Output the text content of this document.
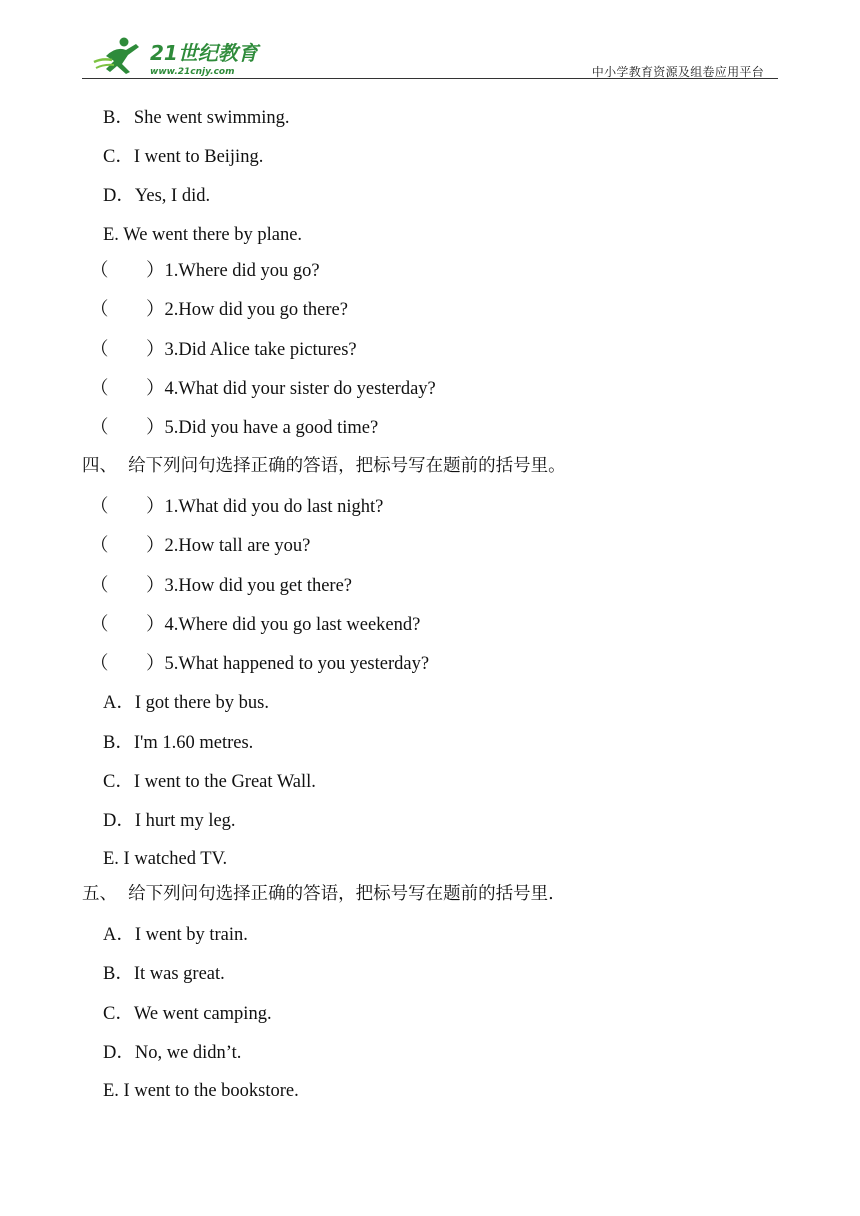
21世纪教育
www.21cnjy.com	中小学教育资源及组卷应用平台
B．She went swimming.
C．I went to Beijing.
D．Yes, I did.
E. We went there by plane.
（ ）1.Where did you go?
（ ）2.How did you go there?
（ ）3.Did Alice take pictures?
（ ）4.What did your sister do yesterday?
（ ）5.Did you have a good time?
四、  给下列问句选择正确的答语，把标号写在题前的括号里。
（ ）1.What did you do last night?
（ ）2.How tall are you?
（ ）3.How did you get there?
（ ）4.Where did you go last weekend?
（ ）5.What happened to you yesterday?
A．I got there by bus.
B．I'm 1.60 metres.
C．I went to the Great Wall.
D．I hurt my leg.
E. I watched TV.
五、  给下列问句选择正确的答语，把标号写在题前的括号里.
A．I went by train.
B．It was great.
C．We went camping.
D．No, we didn’t.
E. I went to the bookstore.
